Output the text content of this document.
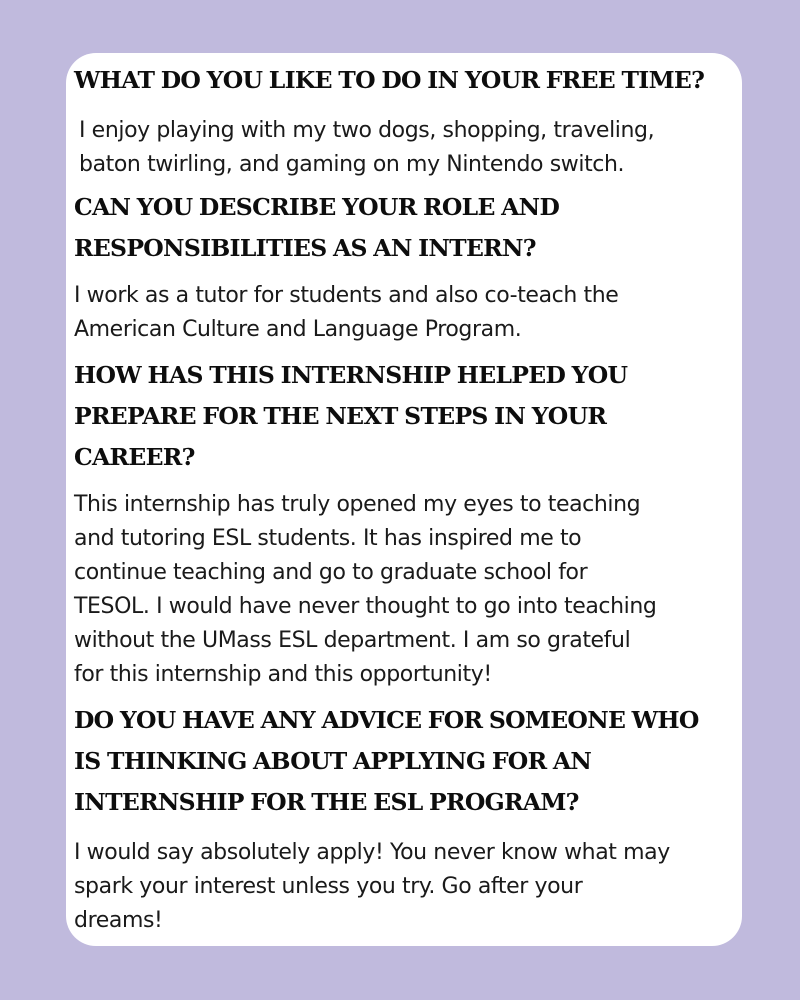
WHAT DO YOU LIKE TO DO IN YOUR FREE TIME?

I enjoy playing with my two dogs, shopping, traveling,
baton twirling, and gaming on my Nintendo switch.

CAN YOU DESCRIBE YOUR ROLE AND
RESPONSIBILITIES AS AN INTERN?

I work as a tutor for students and also co-teach the
American Culture and Language Program.

HOW HAS THIS INTERNSHIP HELPED YOU
PREPARE FOR THE NEXT STEPS IN YOUR
CAREER?

This internship has truly opened my eyes to teaching
and tutoring ESL students. It has inspired me to
continue teaching and go to graduate school for
TESOL. I would have never thought to go into teaching
without the UMass ESL department. I am so grateful
for this internship and this opportunity!

DO YOU HAVE ANY ADVICE FOR SOMEONE WHO
IS THINKING ABOUT APPLYING FOR AN
INTERNSHIP FOR THE ESL PROGRAM?

I would say absolutely apply! You never know what may
spark your interest unless you try. Go after your
dreams!
